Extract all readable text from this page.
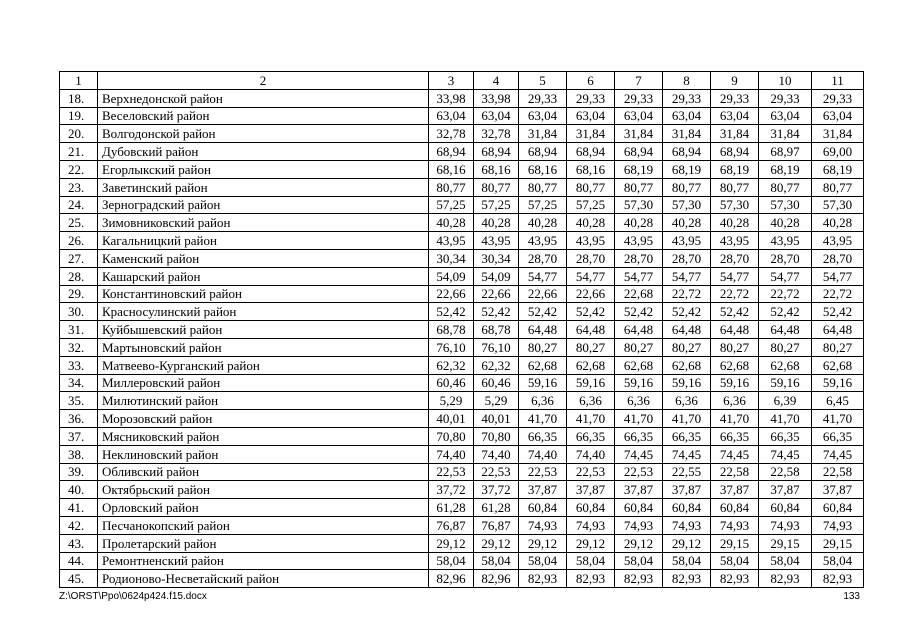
1	2	3	4	5	6	7	8	9	10	11
18.	Верхнедонской район	33,98	33,98	29,33	29,33	29,33	29,33	29,33	29,33	29,33
19.	Веселовский район	63,04	63,04	63,04	63,04	63,04	63,04	63,04	63,04	63,04
20.	Волгодонской район	32,78	32,78	31,84	31,84	31,84	31,84	31,84	31,84	31,84
21.	Дубовский район	68,94	68,94	68,94	68,94	68,94	68,94	68,94	68,97	69,00
22.	Егорлыкский район	68,16	68,16	68,16	68,16	68,19	68,19	68,19	68,19	68,19
23.	Заветинский район	80,77	80,77	80,77	80,77	80,77	80,77	80,77	80,77	80,77
24.	Зерноградский район	57,25	57,25	57,25	57,25	57,30	57,30	57,30	57,30	57,30
25.	Зимовниковский район	40,28	40,28	40,28	40,28	40,28	40,28	40,28	40,28	40,28
26.	Кагальницкий район	43,95	43,95	43,95	43,95	43,95	43,95	43,95	43,95	43,95
27.	Каменский район	30,34	30,34	28,70	28,70	28,70	28,70	28,70	28,70	28,70
28.	Кашарский район	54,09	54,09	54,77	54,77	54,77	54,77	54,77	54,77	54,77
29.	Константиновский район	22,66	22,66	22,66	22,66	22,68	22,72	22,72	22,72	22,72
30.	Красносулинский район	52,42	52,42	52,42	52,42	52,42	52,42	52,42	52,42	52,42
31.	Куйбышевский район	68,78	68,78	64,48	64,48	64,48	64,48	64,48	64,48	64,48
32.	Мартыновский район	76,10	76,10	80,27	80,27	80,27	80,27	80,27	80,27	80,27
33.	Матвеево-Курганский район	62,32	62,32	62,68	62,68	62,68	62,68	62,68	62,68	62,68
34.	Миллеровский район	60,46	60,46	59,16	59,16	59,16	59,16	59,16	59,16	59,16
35.	Милютинский район	5,29	5,29	6,36	6,36	6,36	6,36	6,36	6,39	6,45
36.	Морозовский район	40,01	40,01	41,70	41,70	41,70	41,70	41,70	41,70	41,70
37.	Мясниковский район	70,80	70,80	66,35	66,35	66,35	66,35	66,35	66,35	66,35
38.	Неклиновский район	74,40	74,40	74,40	74,40	74,45	74,45	74,45	74,45	74,45
39.	Обливский район	22,53	22,53	22,53	22,53	22,53	22,55	22,58	22,58	22,58
40.	Октябрьский район	37,72	37,72	37,87	37,87	37,87	37,87	37,87	37,87	37,87
41.	Орловский район	61,28	61,28	60,84	60,84	60,84	60,84	60,84	60,84	60,84
42.	Песчанокопский район	76,87	76,87	74,93	74,93	74,93	74,93	74,93	74,93	74,93
43.	Пролетарский район	29,12	29,12	29,12	29,12	29,12	29,12	29,15	29,15	29,15
44.	Ремонтненский район	58,04	58,04	58,04	58,04	58,04	58,04	58,04	58,04	58,04
45.	Родионово-Несветайский район	82,96	82,96	82,93	82,93	82,93	82,93	82,93	82,93	82,93
Z:\ORST\Ppo\0624p424.f15.docx	133
